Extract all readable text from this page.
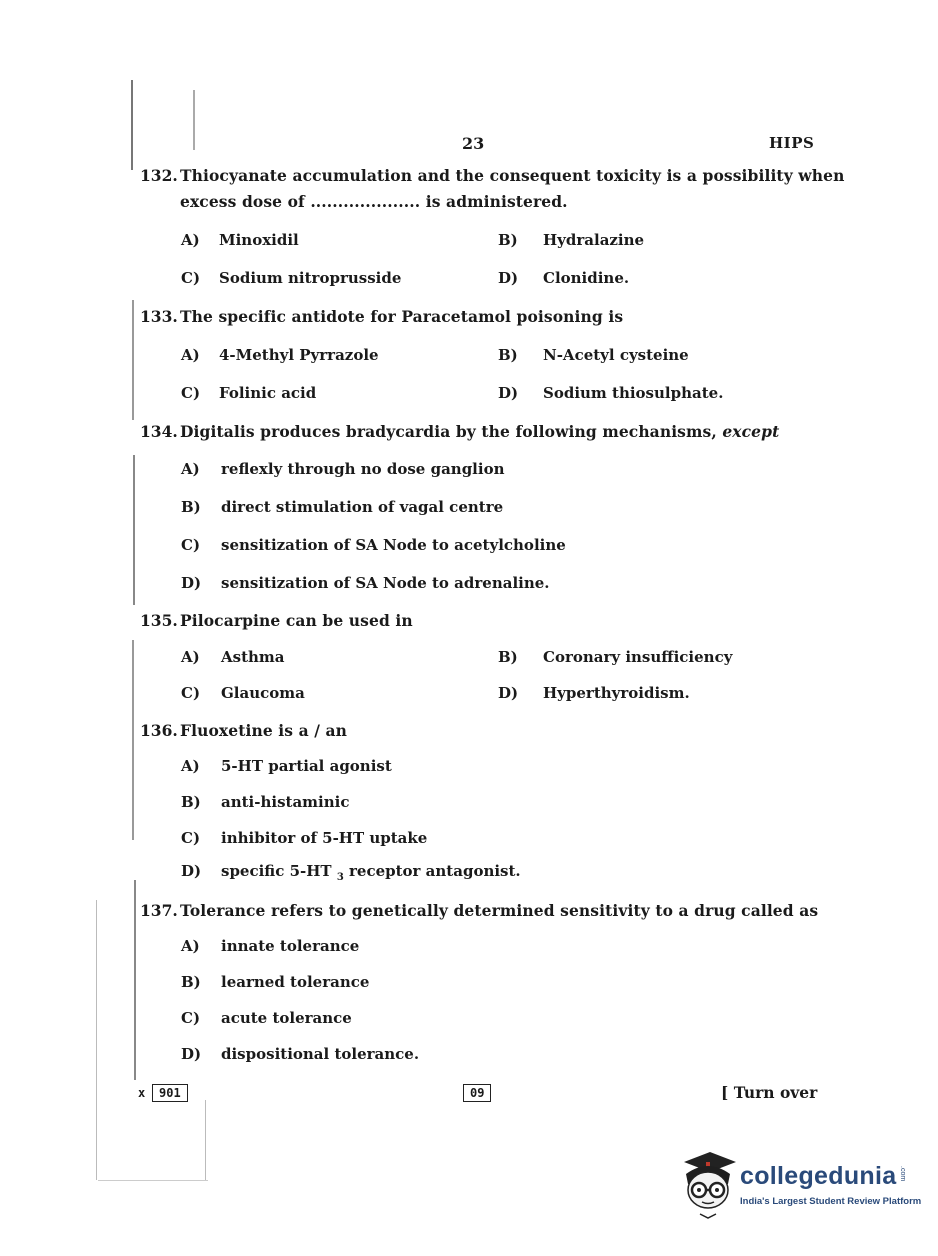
23	HIPS
132. Thiocyanate accumulation and the consequent toxicity is a possibility when
excess dose of .................... is administered.
A) Minoxidil	B) Hydralazine
C) Sodium nitroprusside	D) Clonidine.
133. The specific antidote for Paracetamol poisoning is
A) 4-Methyl Pyrrazole	B) N-Acetyl cysteine
C) Folinic acid	D) Sodium thiosulphate.
134. Digitalis produces bradycardia by the following mechanisms, except
A) reflexly through no dose ganglion
B) direct stimulation of vagal centre
C) sensitization of SA Node to acetylcholine
D) sensitization of SA Node to adrenaline.
135. Pilocarpine can be used in
A) Asthma	B) Coronary insufficiency
C) Glaucoma	D) Hyperthyroidism.
136. Fluoxetine is a / an
A) 5-HT partial agonist
B) anti-histaminic
C) inhibitor of 5-HT uptake
D) specific 5-HT $_3$ receptor antagonist.
137. Tolerance refers to genetically determined sensitivity to a drug called as
A) innate tolerance
B) learned tolerance
C) acute tolerance
D) dispositional tolerance.
x	901	09	[ Turn over
collegedunia .com
India's Largest Student Review Platform
